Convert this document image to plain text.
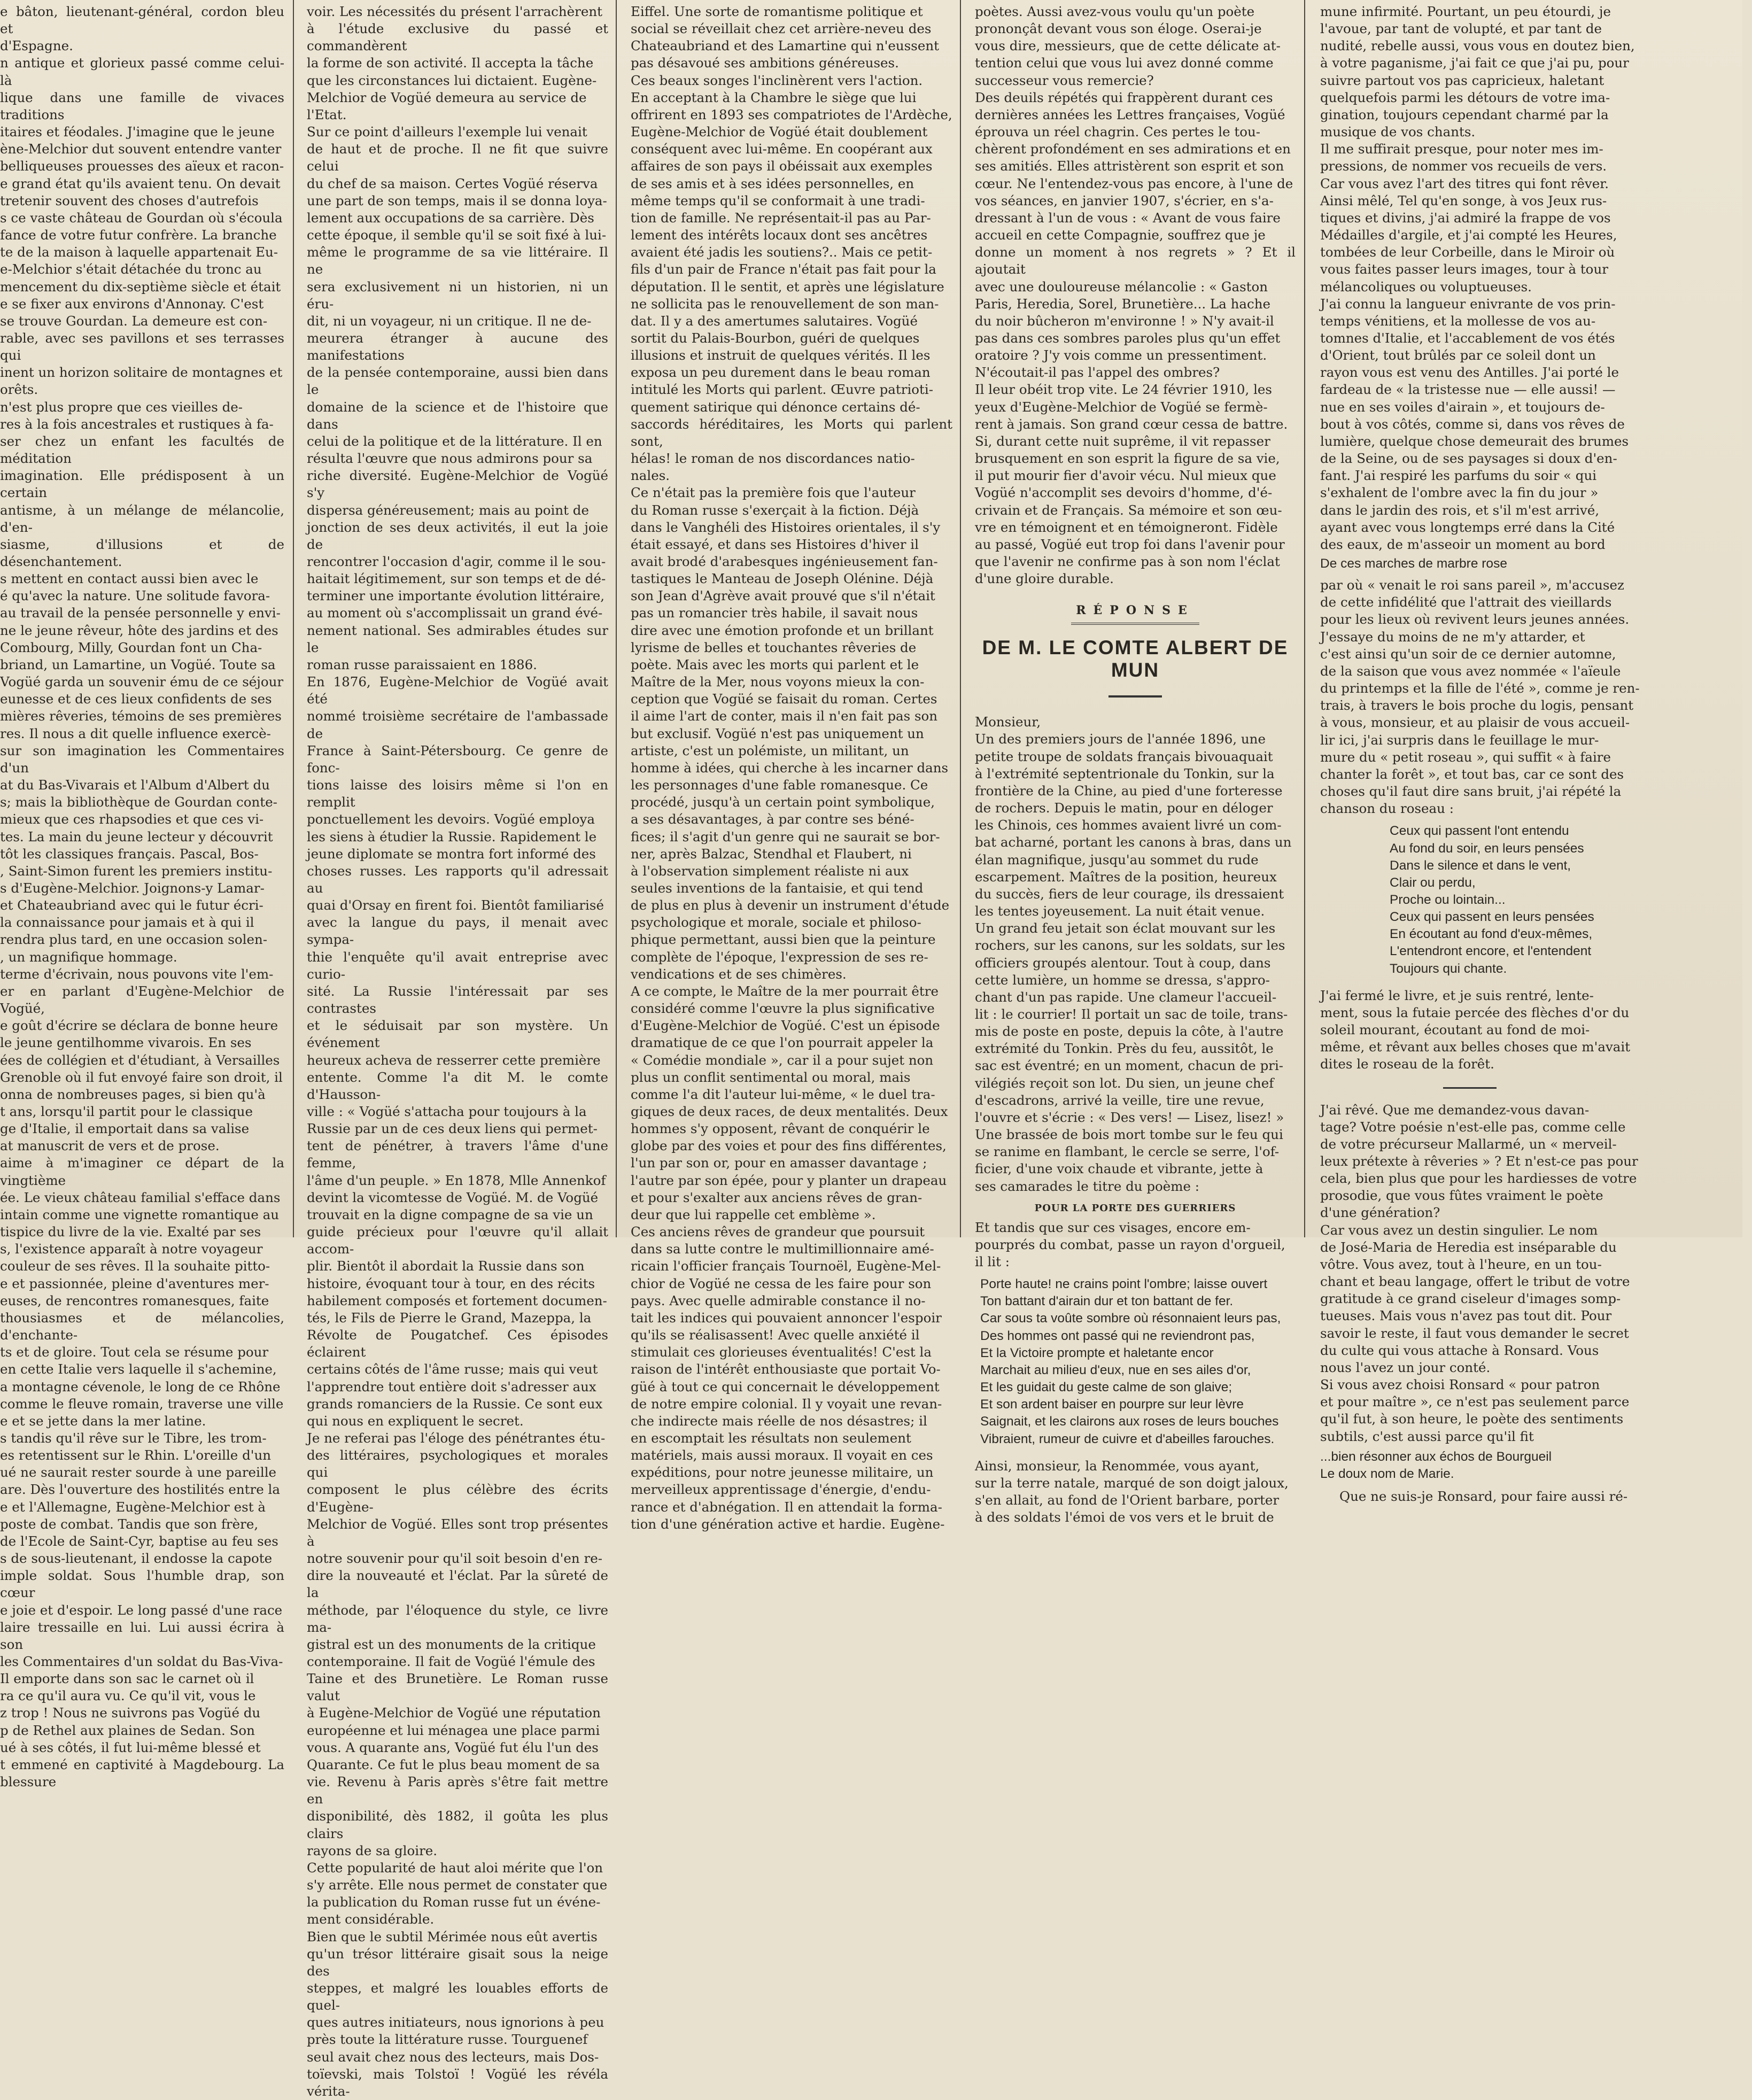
e bâton, lieutenant-général, cordon bleu et

d'Espagne.

n antique et glorieux passé comme celui-là

lique dans une famille de vivaces traditions

itaires et féodales. J'imagine que le jeune

ène-Melchior dut souvent entendre vanter

belliqueuses prouesses des aïeux et racon-

e grand état qu'ils avaient tenu. On devait

tretenir souvent des choses d'autrefois

s ce vaste château de Gourdan où s'écoula

fance de votre futur confrère. La branche

te de la maison à laquelle appartenait Eu-

e-Melchior s'était détachée du tronc au

mencement du dix-septième siècle et était

e se fixer aux environs d'Annonay. C'est

se trouve Gourdan. La demeure est con-

rable, avec ses pavillons et ses terrasses qui

inent un horizon solitaire de montagnes et

orêts.

n'est plus propre que ces vieilles de-

res à la fois ancestrales et rustiques à fa-

ser chez un enfant les facultés de méditation

imagination. Elle prédisposent à un certain

antisme, à un mélange de mélancolie, d'en-

siasme, d'illusions et de désenchantement.

s mettent en contact aussi bien avec le

é qu'avec la nature. Une solitude favora-

au travail de la pensée personnelle y envi-

ne le jeune rêveur, hôte des jardins et des

Combourg, Milly, Gourdan font un Cha-

briand, un Lamartine, un Vogüé. Toute sa

Vogüé garda un souvenir ému de ce séjour

eunesse et de ces lieux confidents de ses

mières rêveries, témoins de ses premières

res. Il nous a dit quelle influence exercè-

sur son imagination les Commentaires d'un

at du Bas-Vivarais et l'Album d'Albert du

s; mais la bibliothèque de Gourdan conte-

mieux que ces rhapsodies et que ces vi-

tes. La main du jeune lecteur y découvrit

tôt les classiques français. Pascal, Bos-

, Saint-Simon furent les premiers institu-

s d'Eugène-Melchior. Joignons-y Lamar-

et Chateaubriand avec qui le futur écri-

la connaissance pour jamais et à qui il

rendra plus tard, en une occasion solen-

, un magnifique hommage.

terme d'écrivain, nous pouvons vite l'em-

er en parlant d'Eugène-Melchior de Vogüé,

e goût d'écrire se déclara de bonne heure

le jeune gentilhomme vivarois. En ses

ées de collégien et d'étudiant, à Versailles

Grenoble où il fut envoyé faire son droit, il

onna de nombreuses pages, si bien qu'à

t ans, lorsqu'il partit pour le classique

ge d'Italie, il emportait dans sa valise

at manuscrit de vers et de prose.

aime à m'imaginer ce départ de la vingtième

ée. Le vieux château familial s'efface dans

intain comme une vignette romantique au

tispice du livre de la vie. Exalté par ses

s, l'existence apparaît à notre voyageur

couleur de ses rêves. Il la souhaite pitto-

e et passionnée, pleine d'aventures mer-

euses, de rencontres romanesques, faite

thousiasmes et de mélancolies, d'enchante-

ts et de gloire. Tout cela se résume pour

en cette Italie vers laquelle il s'achemine,

a montagne cévenole, le long de ce Rhône

comme le fleuve romain, traverse une ville

e et se jette dans la mer latine.

s tandis qu'il rêve sur le Tibre, les trom-

es retentissent sur le Rhin. L'oreille d'un

ué ne saurait rester sourde à une pareille

are. Dès l'ouverture des hostilités entre la

e et l'Allemagne, Eugène-Melchior est à

poste de combat. Tandis que son frère,

de l'Ecole de Saint-Cyr, baptise au feu ses

s de sous-lieutenant, il endosse la capote

imple soldat. Sous l'humble drap, son cœur

e joie et d'espoir. Le long passé d'une race

laire tressaille en lui. Lui aussi écrira à son

les Commentaires d'un soldat du Bas-Viva-

Il emporte dans son sac le carnet où il

ra ce qu'il aura vu. Ce qu'il vit, vous le

z trop ! Nous ne suivrons pas Vogüé du

p de Rethel aux plaines de Sedan. Son

ué à ses côtés, il fut lui-même blessé et

t emmené en captivité à Magdebourg. La blessure

voir. Les nécessités du présent l'arrachèrent

à l'étude exclusive du passé et commandèrent

la forme de son activité. Il accepta la tâche

que les circonstances lui dictaient. Eugène-

Melchior de Vogüé demeura au service de

l'Etat.

Sur ce point d'ailleurs l'exemple lui venait

de haut et de proche. Il ne fit que suivre celui

du chef de sa maison. Certes Vogüé réserva

une part de son temps, mais il se donna loya-

lement aux occupations de sa carrière. Dès

cette époque, il semble qu'il se soit fixé à lui-

même le programme de sa vie littéraire. Il ne

sera exclusivement ni un historien, ni un éru-

dit, ni un voyageur, ni un critique. Il ne de-

meurera étranger à aucune des manifestations

de la pensée contemporaine, aussi bien dans le

domaine de la science et de l'histoire que dans

celui de la politique et de la littérature. Il en

résulta l'œuvre que nous admirons pour sa

riche diversité. Eugène-Melchior de Vogüé s'y

dispersa généreusement; mais au point de

jonction de ses deux activités, il eut la joie de

rencontrer l'occasion d'agir, comme il le sou-

haitait légitimement, sur son temps et de dé-

terminer une importante évolution littéraire,

au moment où s'accomplissait un grand évé-

nement national. Ses admirables études sur le

roman russe paraissaient en 1886.

En 1876, Eugène-Melchior de Vogüé avait été

nommé troisième secrétaire de l'ambassade de

France à Saint-Pétersbourg. Ce genre de fonc-

tions laisse des loisirs même si l'on en remplit

ponctuellement les devoirs. Vogüé employa

les siens à étudier la Russie. Rapidement le

jeune diplomate se montra fort informé des

choses russes. Les rapports qu'il adressait au

quai d'Orsay en firent foi. Bientôt familiarisé

avec la langue du pays, il menait avec sympa-

thie l'enquête qu'il avait entreprise avec curio-

sité. La Russie l'intéressait par ses contrastes

et le séduisait par son mystère. Un événement

heureux acheva de resserrer cette première

entente. Comme l'a dit M. le comte d'Hausson-

ville : « Vogüé s'attacha pour toujours à la

Russie par un de ces deux liens qui permet-

tent de pénétrer, à travers l'âme d'une femme,

l'âme d'un peuple. » En 1878, Mlle Annenkof

devint la vicomtesse de Vogüé. M. de Vogüé

trouvait en la digne compagne de sa vie un

guide précieux pour l'œuvre qu'il allait accom-

plir. Bientôt il abordait la Russie dans son

histoire, évoquant tour à tour, en des récits

habilement composés et fortement documen-

tés, le Fils de Pierre le Grand, Mazeppa, la

Révolte de Pougatchef. Ces épisodes éclairent

certains côtés de l'âme russe; mais qui veut

l'apprendre tout entière doit s'adresser aux

grands romanciers de la Russie. Ce sont eux

qui nous en expliquent le secret.

Je ne referai pas l'éloge des pénétrantes étu-

des littéraires, psychologiques et morales qui

composent le plus célèbre des écrits d'Eugène-

Melchior de Vogüé. Elles sont trop présentes à

notre souvenir pour qu'il soit besoin d'en re-

dire la nouveauté et l'éclat. Par la sûreté de la

méthode, par l'éloquence du style, ce livre ma-

gistral est un des monuments de la critique

contemporaine. Il fait de Vogüé l'émule des

Taine et des Brunetière. Le Roman russe valut

à Eugène-Melchior de Vogüé une réputation

européenne et lui ménagea une place parmi

vous. A quarante ans, Vogüé fut élu l'un des

Quarante. Ce fut le plus beau moment de sa

vie. Revenu à Paris après s'être fait mettre en

disponibilité, dès 1882, il goûta les plus clairs

rayons de sa gloire.

Cette popularité de haut aloi mérite que l'on

s'y arrête. Elle nous permet de constater que

la publication du Roman russe fut un événe-

ment considérable.

Bien que le subtil Mérimée nous eût avertis

qu'un trésor littéraire gisait sous la neige des

steppes, et malgré les louables efforts de quel-

ques autres initiateurs, nous ignorions à peu

près toute la littérature russe. Tourguenef

seul avait chez nous des lecteurs, mais Dos-

toïevski, mais Tolstoï ! Vogüé les révéla vérita-

Eiffel. Une sorte de romantisme politique et

social se réveillait chez cet arrière-neveu des

Chateaubriand et des Lamartine qui n'eussent

pas désavoué ses ambitions généreuses.

Ces beaux songes l'inclinèrent vers l'action.

En acceptant à la Chambre le siège que lui

offrirent en 1893 ses compatriotes de l'Ardèche,

Eugène-Melchior de Vogüé était doublement

conséquent avec lui-même. En coopérant aux

affaires de son pays il obéissait aux exemples

de ses amis et à ses idées personnelles, en

même temps qu'il se conformait à une tradi-

tion de famille. Ne représentait-il pas au Par-

lement des intérêts locaux dont ses ancêtres

avaient été jadis les soutiens?.. Mais ce petit-

fils d'un pair de France n'était pas fait pour la

députation. Il le sentit, et après une législature

ne sollicita pas le renouvellement de son man-

dat. Il y a des amertumes salutaires. Vogüé

sortit du Palais-Bourbon, guéri de quelques

illusions et instruit de quelques vérités. Il les

exposa un peu durement dans le beau roman

intitulé les Morts qui parlent. Œuvre patrioti-

quement satirique qui dénonce certains dé-

saccords héréditaires, les Morts qui parlent sont,

hélas! le roman de nos discordances natio-

nales.

Ce n'était pas la première fois que l'auteur

du Roman russe s'exerçait à la fiction. Déjà

dans le Vanghéli des Histoires orientales, il s'y

était essayé, et dans ses Histoires d'hiver il

avait brodé d'arabesques ingénieusement fan-

tastiques le Manteau de Joseph Olénine. Déjà

son Jean d'Agrève avait prouvé que s'il n'était

pas un romancier très habile, il savait nous

dire avec une émotion profonde et un brillant

lyrisme de belles et touchantes rêveries de

poète. Mais avec les morts qui parlent et le

Maître de la Mer, nous voyons mieux la con-

ception que Vogüé se faisait du roman. Certes

il aime l'art de conter, mais il n'en fait pas son

but exclusif. Vogüé n'est pas uniquement un

artiste, c'est un polémiste, un militant, un

homme à idées, qui cherche à les incarner dans

les personnages d'une fable romanesque. Ce

procédé, jusqu'à un certain point symbolique,

a ses désavantages, à par contre ses béné-

fices; il s'agit d'un genre qui ne saurait se bor-

ner, après Balzac, Stendhal et Flaubert, ni

à l'observation simplement réaliste ni aux

seules inventions de la fantaisie, et qui tend

de plus en plus à devenir un instrument d'étude

psychologique et morale, sociale et philoso-

phique permettant, aussi bien que la peinture

complète de l'époque, l'expression de ses re-

vendications et de ses chimères.

A ce compte, le Maître de la mer pourrait être

considéré comme l'œuvre la plus significative

d'Eugène-Melchior de Vogüé. C'est un épisode

dramatique de ce que l'on pourrait appeler la

« Comédie mondiale », car il a pour sujet non

plus un conflit sentimental ou moral, mais

comme l'a dit l'auteur lui-même, « le duel tra-

giques de deux races, de deux mentalités. Deux

hommes s'y opposent, rêvant de conquérir le

globe par des voies et pour des fins différentes,

l'un par son or, pour en amasser davantage ;

l'autre par son épée, pour y planter un drapeau

et pour s'exalter aux anciens rêves de gran-

deur que lui rappelle cet emblème ».

Ces anciens rêves de grandeur que poursuit

dans sa lutte contre le multimillionnaire amé-

ricain l'officier français Tournoël, Eugène-Mel-

chior de Vogüé ne cessa de les faire pour son

pays. Avec quelle admirable constance il no-

tait les indices qui pouvaient annoncer l'espoir

qu'ils se réalisassent! Avec quelle anxiété il

stimulait ces glorieuses éventualités! C'est la

raison de l'intérêt enthousiaste que portait Vo-

güé à tout ce qui concernait le développement

de notre empire colonial. Il y voyait une revan-

che indirecte mais réelle de nos désastres; il

en escomptait les résultats non seulement

matériels, mais aussi moraux. Il voyait en ces

expéditions, pour notre jeunesse militaire, un

merveilleux apprentissage d'énergie, d'endu-

rance et d'abnégation. Il en attendait la forma-

tion d'une génération active et hardie. Eugène-

poètes. Aussi avez-vous voulu qu'un poète

prononçât devant vous son éloge. Oserai-je

vous dire, messieurs, que de cette délicate at-

tention celui que vous lui avez donné comme

successeur vous remercie?

Des deuils répétés qui frappèrent durant ces

dernières années les Lettres françaises, Vogüé

éprouva un réel chagrin. Ces pertes le tou-

chèrent profondément en ses admirations et en

ses amitiés. Elles attristèrent son esprit et son

cœur. Ne l'entendez-vous pas encore, à l'une de

vos séances, en janvier 1907, s'écrier, en s'a-

dressant à l'un de vous : « Avant de vous faire

accueil en cette Compagnie, souffrez que je

donne un moment à nos regrets » ? Et il ajoutait

avec une douloureuse mélancolie : « Gaston

Paris, Heredia, Sorel, Brunetière... La hache

du noir bûcheron m'environne ! » N'y avait-il

pas dans ces sombres paroles plus qu'un effet

oratoire ? J'y vois comme un pressentiment.

N'écoutait-il pas l'appel des ombres?

Il leur obéit trop vite. Le 24 février 1910, les

yeux d'Eugène-Melchior de Vogüé se fermè-

rent à jamais. Son grand cœur cessa de battre.

Si, durant cette nuit suprême, il vit repasser

brusquement en son esprit la figure de sa vie,

il put mourir fier d'avoir vécu. Nul mieux que

Vogüé n'accomplit ses devoirs d'homme, d'é-

crivain et de Français. Sa mémoire et son œu-

vre en témoignent et en témoigneront. Fidèle

au passé, Vogüé eut trop foi dans l'avenir pour

que l'avenir ne confirme pas à son nom l'éclat

d'une gloire durable.

RÉPONSE
DE M. LE COMTE ALBERT DE MUN

Monsieur,

Un des premiers jours de l'année 1896, une

petite troupe de soldats français bivouaquait

à l'extrémité septentrionale du Tonkin, sur la

frontière de la Chine, au pied d'une forteresse

de rochers. Depuis le matin, pour en déloger

les Chinois, ces hommes avaient livré un com-

bat acharné, portant les canons à bras, dans un

élan magnifique, jusqu'au sommet du rude

escarpement. Maîtres de la position, heureux

du succès, fiers de leur courage, ils dressaient

les tentes joyeusement. La nuit était venue.

Un grand feu jetait son éclat mouvant sur les

rochers, sur les canons, sur les soldats, sur les

officiers groupés alentour. Tout à coup, dans

cette lumière, un homme se dressa, s'appro-

chant d'un pas rapide. Une clameur l'accueil-

lit : le courrier! Il portait un sac de toile, trans-

mis de poste en poste, depuis la côte, à l'autre

extrémité du Tonkin. Près du feu, aussitôt, le

sac est éventré; en un moment, chacun de pri-

vilégiés reçoit son lot. Du sien, un jeune chef

d'escadrons, arrivé la veille, tire une revue,

l'ouvre et s'écrie : « Des vers! — Lisez, lisez! »

Une brassée de bois mort tombe sur le feu qui

se ranime en flambant, le cercle se serre, l'of-

ficier, d'une voix chaude et vibrante, jette à

ses camarades le titre du poème :

POUR LA PORTE DES GUERRIERS

Et tandis que sur ces visages, encore em-

pourprés du combat, passe un rayon d'orgueil,

il lit :

Porte haute! ne crains point l'ombre; laisse ouvert

Ton battant d'airain dur et ton battant de fer.

Car sous ta voûte sombre où résonnaient leurs pas,

Des hommes ont passé qui ne reviendront pas,

Et la Victoire prompte et haletante encor

Marchait au milieu d'eux, nue en ses ailes d'or,

Et les guidait du geste calme de son glaive;

Et son ardent baiser en pourpre sur leur lèvre

Saignait, et les clairons aux roses de leurs bouches

Vibraient, rumeur de cuivre et d'abeilles farouches.

Ainsi, monsieur, la Renommée, vous ayant,

sur la terre natale, marqué de son doigt jaloux,

s'en allait, au fond de l'Orient barbare, porter

à des soldats l'émoi de vos vers et le bruit de

mune infirmité. Pourtant, un peu étourdi, je

l'avoue, par tant de volupté, et par tant de

nudité, rebelle aussi, vous vous en doutez bien,

à votre paganisme, j'ai fait ce que j'ai pu, pour

suivre partout vos pas capricieux, haletant

quelquefois parmi les détours de votre ima-

gination, toujours cependant charmé par la

musique de vos chants.

Il me suffirait presque, pour noter mes im-

pressions, de nommer vos recueils de vers.

Car vous avez l'art des titres qui font rêver.

Ainsi mêlé, Tel qu'en songe, à vos Jeux rus-

tiques et divins, j'ai admiré la frappe de vos

Médailles d'argile, et j'ai compté les Heures,

tombées de leur Corbeille, dans le Miroir où

vous faites passer leurs images, tour à tour

mélancoliques ou voluptueuses.

J'ai connu la langueur enivrante de vos prin-

temps vénitiens, et la mollesse de vos au-

tomnes d'Italie, et l'accablement de vos étés

d'Orient, tout brûlés par ce soleil dont un

rayon vous est venu des Antilles. J'ai porté le

fardeau de « la tristesse nue — elle aussi! —

nue en ses voiles d'airain », et toujours de-

bout à vos côtés, comme si, dans vos rêves de

lumière, quelque chose demeurait des brumes

de la Seine, ou de ses paysages si doux d'en-

fant. J'ai respiré les parfums du soir « qui

s'exhalent de l'ombre avec la fin du jour »

dans le jardin des rois, et s'il m'est arrivé,

ayant avec vous longtemps erré dans la Cité

des eaux, de m'asseoir un moment au bord

De ces marches de marbre rose

par où « venait le roi sans pareil », m'accusez

de cette infidélité que l'attrait des vieillards

pour les lieux où revivent leurs jeunes années.

J'essaye du moins de ne m'y attarder, et

c'est ainsi qu'un soir de ce dernier automne,

de la saison que vous avez nommée « l'aïeule

du printemps et la fille de l'été », comme je ren-

trais, à travers le bois proche du logis, pensant

à vous, monsieur, et au plaisir de vous accueil-

lir ici, j'ai surpris dans le feuillage le mur-

mure du « petit roseau », qui suffit « à faire

chanter la forêt », et tout bas, car ce sont des

choses qu'il faut dire sans bruit, j'ai répété la

chanson du roseau :

Ceux qui passent l'ont entendu

Au fond du soir, en leurs pensées

Dans le silence et dans le vent,

Clair ou perdu,

Proche ou lointain...

Ceux qui passent en leurs pensées

En écoutant au fond d'eux-mêmes,

L'entendront encore, et l'entendent

Toujours qui chante.

J'ai fermé le livre, et je suis rentré, lente-

ment, sous la futaie percée des flèches d'or du

soleil mourant, écoutant au fond de moi-

même, et rêvant aux belles choses que m'avait

dites le roseau de la forêt.

J'ai rêvé. Que me demandez-vous davan-

tage? Votre poésie n'est-elle pas, comme celle

de votre précurseur Mallarmé, un « merveil-

leux prétexte à rêveries » ? Et n'est-ce pas pour

cela, bien plus que pour les hardiesses de votre

prosodie, que vous fûtes vraiment le poète

d'une génération?

Car vous avez un destin singulier. Le nom

de José-Maria de Heredia est inséparable du

vôtre. Vous avez, tout à l'heure, en un tou-

chant et beau langage, offert le tribut de votre

gratitude à ce grand ciseleur d'images somp-

tueuses. Mais vous n'avez pas tout dit. Pour

savoir le reste, il faut vous demander le secret

du culte qui vous attache à Ronsard. Vous

nous l'avez un jour conté.

Si vous avez choisi Ronsard « pour patron

et pour maître », ce n'est pas seulement parce

qu'il fut, à son heure, le poète des sentiments

subtils, c'est aussi parce qu'il fit

...bien résonner aux échos de Bourgueil

Le doux nom de Marie.

Que ne suis-je Ronsard, pour faire aussi ré-
